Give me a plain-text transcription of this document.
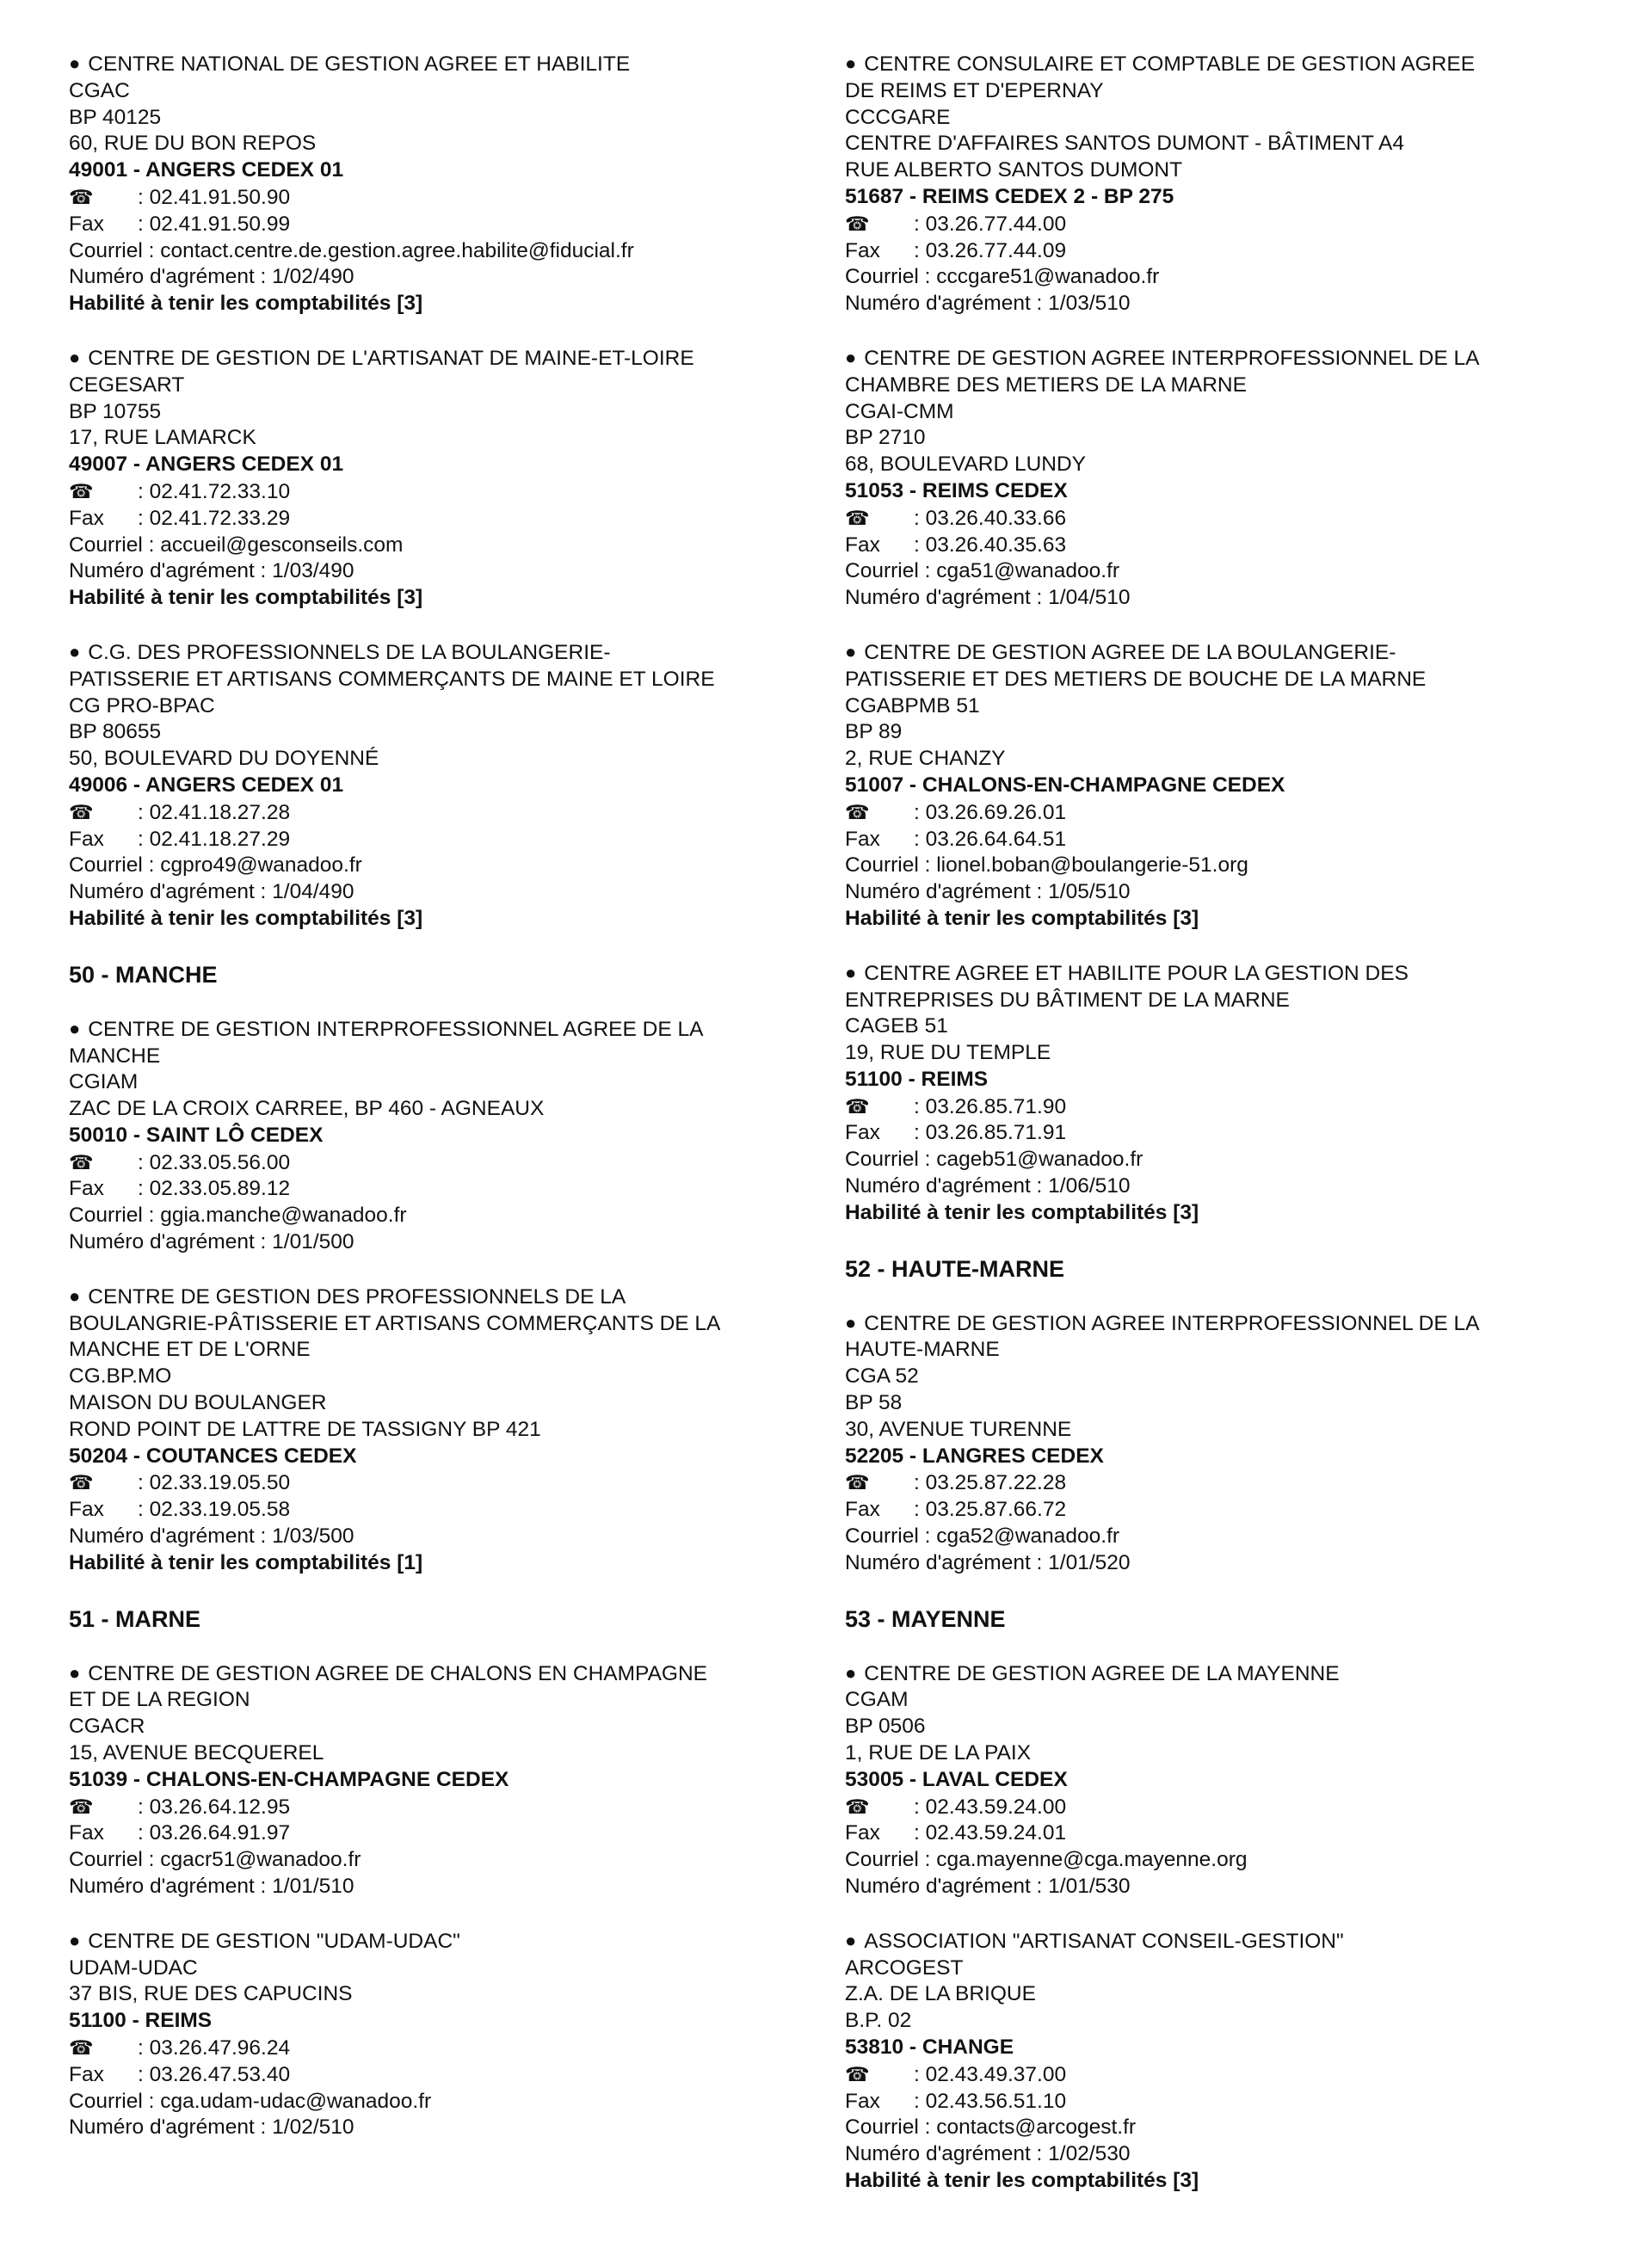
● CENTRE NATIONAL DE GESTION AGREE ET HABILITE
CGAC
BP 40125
60, RUE DU BON REPOS
49001 - ANGERS CEDEX 01
☎ : 02.41.91.50.90
Fax : 02.41.91.50.99
Courriel : contact.centre.de.gestion.agree.habilite@fiducial.fr
Numéro d'agrément : 1/02/490
Habilité à tenir les comptabilités [3]
● CENTRE DE GESTION DE L'ARTISANAT DE MAINE-ET-LOIRE
CEGESART
BP 10755
17, RUE LAMARCK
49007 - ANGERS CEDEX 01
☎ : 02.41.72.33.10
Fax : 02.41.72.33.29
Courriel : accueil@gesconseils.com
Numéro d'agrément : 1/03/490
Habilité à tenir les comptabilités [3]
● C.G. DES PROFESSIONNELS DE LA BOULANGERIE-
PATISSERIE ET ARTISANS COMMERÇANTS DE MAINE ET LOIRE
CG PRO-BPAC
BP 80655
50, BOULEVARD DU DOYENNÉ
49006 - ANGERS CEDEX 01
☎ : 02.41.18.27.28
Fax : 02.41.18.27.29
Courriel : cgpro49@wanadoo.fr
Numéro d'agrément : 1/04/490
Habilité à tenir les comptabilités [3]
50 - MANCHE
● CENTRE DE GESTION INTERPROFESSIONNEL AGREE DE LA
MANCHE
CGIAM
ZAC DE LA CROIX CARREE, BP 460 - AGNEAUX
50010 - SAINT LÔ CEDEX
☎ : 02.33.05.56.00
Fax : 02.33.05.89.12
Courriel : ggia.manche@wanadoo.fr
Numéro d'agrément : 1/01/500
● CENTRE DE GESTION DES PROFESSIONNELS DE LA
BOULANGRIE-PÂTISSERIE ET ARTISANS COMMERÇANTS DE LA
MANCHE ET DE L'ORNE
CG.BP.MO
MAISON DU BOULANGER
ROND POINT DE LATTRE DE TASSIGNY BP 421
50204 - COUTANCES CEDEX
☎ : 02.33.19.05.50
Fax : 02.33.19.05.58
Numéro d'agrément : 1/03/500
Habilité à tenir les comptabilités [1]
51 - MARNE
● CENTRE DE GESTION AGREE DE CHALONS EN CHAMPAGNE
ET DE LA REGION
CGACR
15, AVENUE BECQUEREL
51039 - CHALONS-EN-CHAMPAGNE CEDEX
☎ : 03.26.64.12.95
Fax : 03.26.64.91.97
Courriel : cgacr51@wanadoo.fr
Numéro d'agrément : 1/01/510
● CENTRE DE GESTION "UDAM-UDAC"
UDAM-UDAC
37 BIS, RUE DES CAPUCINS
51100 - REIMS
☎ : 03.26.47.96.24
Fax : 03.26.47.53.40
Courriel : cga.udam-udac@wanadoo.fr
Numéro d'agrément : 1/02/510
● CENTRE CONSULAIRE ET COMPTABLE DE GESTION AGREE
DE REIMS ET D'EPERNAY
CCCGARE
CENTRE D'AFFAIRES SANTOS DUMONT - BÂTIMENT A4
RUE ALBERTO SANTOS DUMONT
51687 - REIMS CEDEX 2 - BP 275
☎ : 03.26.77.44.00
Fax : 03.26.77.44.09
Courriel : cccgare51@wanadoo.fr
Numéro d'agrément : 1/03/510
● CENTRE DE GESTION AGREE INTERPROFESSIONNEL DE LA
CHAMBRE DES METIERS DE LA MARNE
CGAI-CMM
BP 2710
68, BOULEVARD LUNDY
51053 - REIMS CEDEX
☎ : 03.26.40.33.66
Fax : 03.26.40.35.63
Courriel : cga51@wanadoo.fr
Numéro d'agrément : 1/04/510
● CENTRE DE GESTION AGREE DE LA BOULANGERIE-
PATISSERIE ET DES METIERS DE BOUCHE DE LA MARNE
CGABPMB 51
BP 89
2, RUE CHANZY
51007 - CHALONS-EN-CHAMPAGNE CEDEX
☎ : 03.26.69.26.01
Fax : 03.26.64.64.51
Courriel : lionel.boban@boulangerie-51.org
Numéro d'agrément : 1/05/510
Habilité à tenir les comptabilités [3]
● CENTRE AGREE ET HABILITE POUR LA GESTION DES
ENTREPRISES DU BÂTIMENT DE LA MARNE
CAGEB 51
19, RUE DU TEMPLE
51100 - REIMS
☎ : 03.26.85.71.90
Fax : 03.26.85.71.91
Courriel : cageb51@wanadoo.fr
Numéro d'agrément : 1/06/510
Habilité à tenir les comptabilités [3]
52 - HAUTE-MARNE
● CENTRE DE GESTION AGREE INTERPROFESSIONNEL DE LA
HAUTE-MARNE
CGA 52
BP 58
30, AVENUE TURENNE
52205 - LANGRES CEDEX
☎ : 03.25.87.22.28
Fax : 03.25.87.66.72
Courriel : cga52@wanadoo.fr
Numéro d'agrément : 1/01/520
53 - MAYENNE
● CENTRE DE GESTION AGREE DE LA MAYENNE
CGAM
BP 0506
1, RUE DE LA PAIX
53005 - LAVAL CEDEX
☎ : 02.43.59.24.00
Fax : 02.43.59.24.01
Courriel : cga.mayenne@cga.mayenne.org
Numéro d'agrément : 1/01/530
● ASSOCIATION "ARTISANAT CONSEIL-GESTION"
ARCOGEST
Z.A. DE LA BRIQUE
B.P. 02
53810 - CHANGE
☎ : 02.43.49.37.00
Fax : 02.43.56.51.10
Courriel : contacts@arcogest.fr
Numéro d'agrément : 1/02/530
Habilité à tenir les comptabilités [3]
